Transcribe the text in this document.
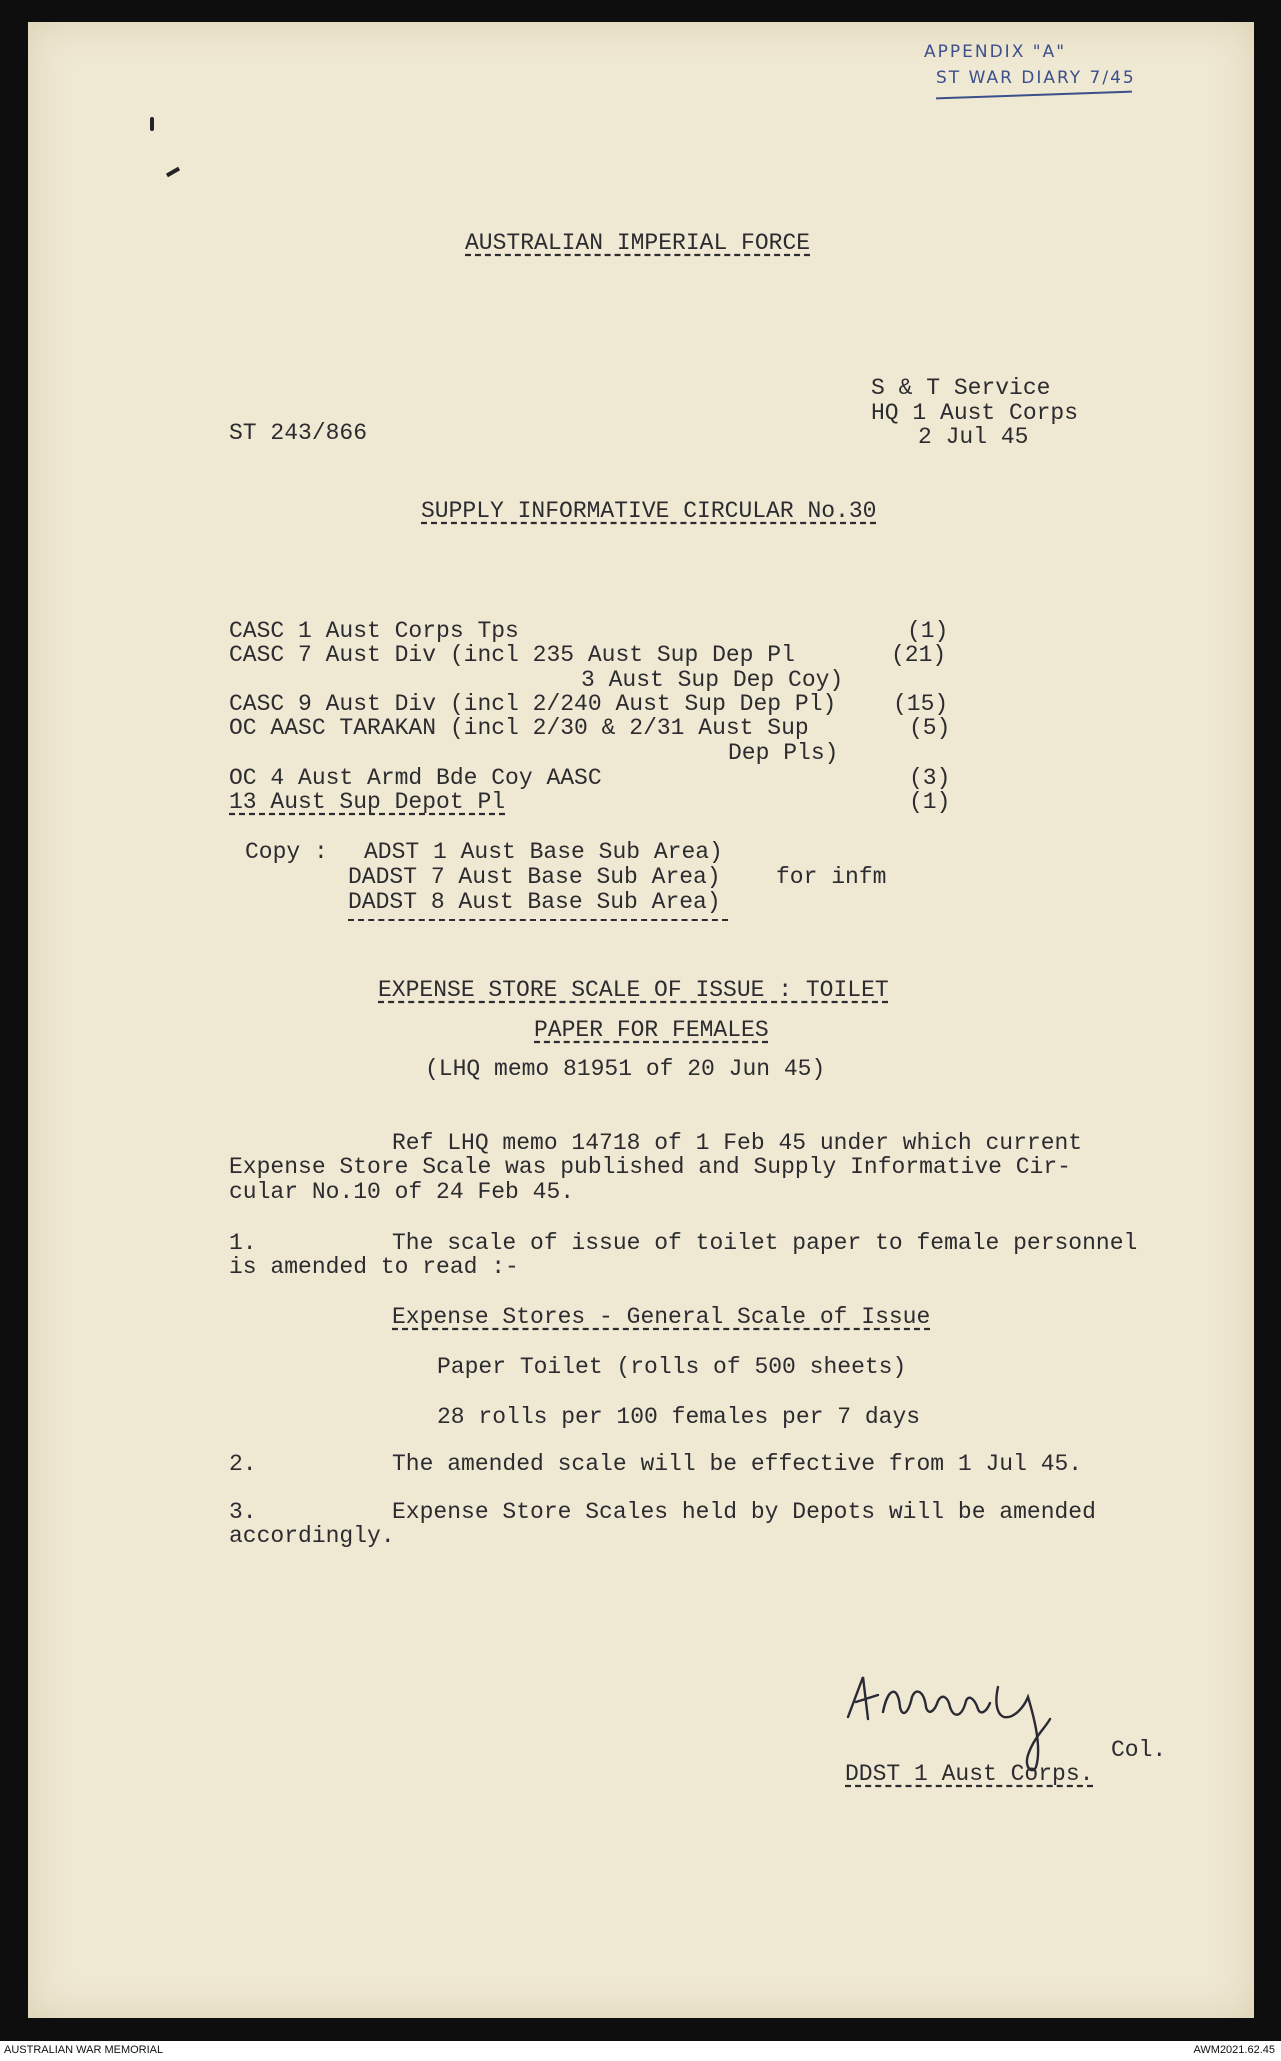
APPENDIX "A"
ST WAR DIARY 7/45
AUSTRALIAN IMPERIAL FORCE
S & T Service
HQ 1 Aust Corps
2 Jul 45
ST 243/866
SUPPLY INFORMATIVE CIRCULAR No.30
CASC 1 Aust Corps Tps	(1)
CASC 7 Aust Div (incl 235 Aust Sup Dep Pl	(21)
3 Aust Sup Dep Coy)
CASC 9 Aust Div (incl 2/240 Aust Sup Dep Pl) (15)
OC AASC TARAKAN (incl 2/30 & 2/31 Aust Sup	(5)
Dep Pls)
OC 4 Aust Armd Bde Coy AASC	(3)
13 Aust Sup Depot Pl	(1)
Copy : ADST 1 Aust Base Sub Area)
DADST 7 Aust Base Sub Area) for infm
DADST 8 Aust Base Sub Area)
EXPENSE STORE SCALE OF ISSUE : TOILET
PAPER FOR FEMALES
(LHQ memo 81951 of 20 Jun 45)
Ref LHQ memo 14718 of 1 Feb 45 under which current
Expense Store Scale was published and Supply Informative Cir-
cular No.10 of 24 Feb 45.
1.	The scale of issue of toilet paper to female personnel
is amended to read :-
Expense Stores - General Scale of Issue
Paper Toilet (rolls of 500 sheets)
28 rolls per 100 females per 7 days
2.	The amended scale will be effective from 1 Jul 45.
3.	Expense Store Scales held by Depots will be amended
accordingly.
Col.
DDST 1 Aust Corps.
AUSTRALIAN WAR MEMORIAL	AWM2021.62.45
